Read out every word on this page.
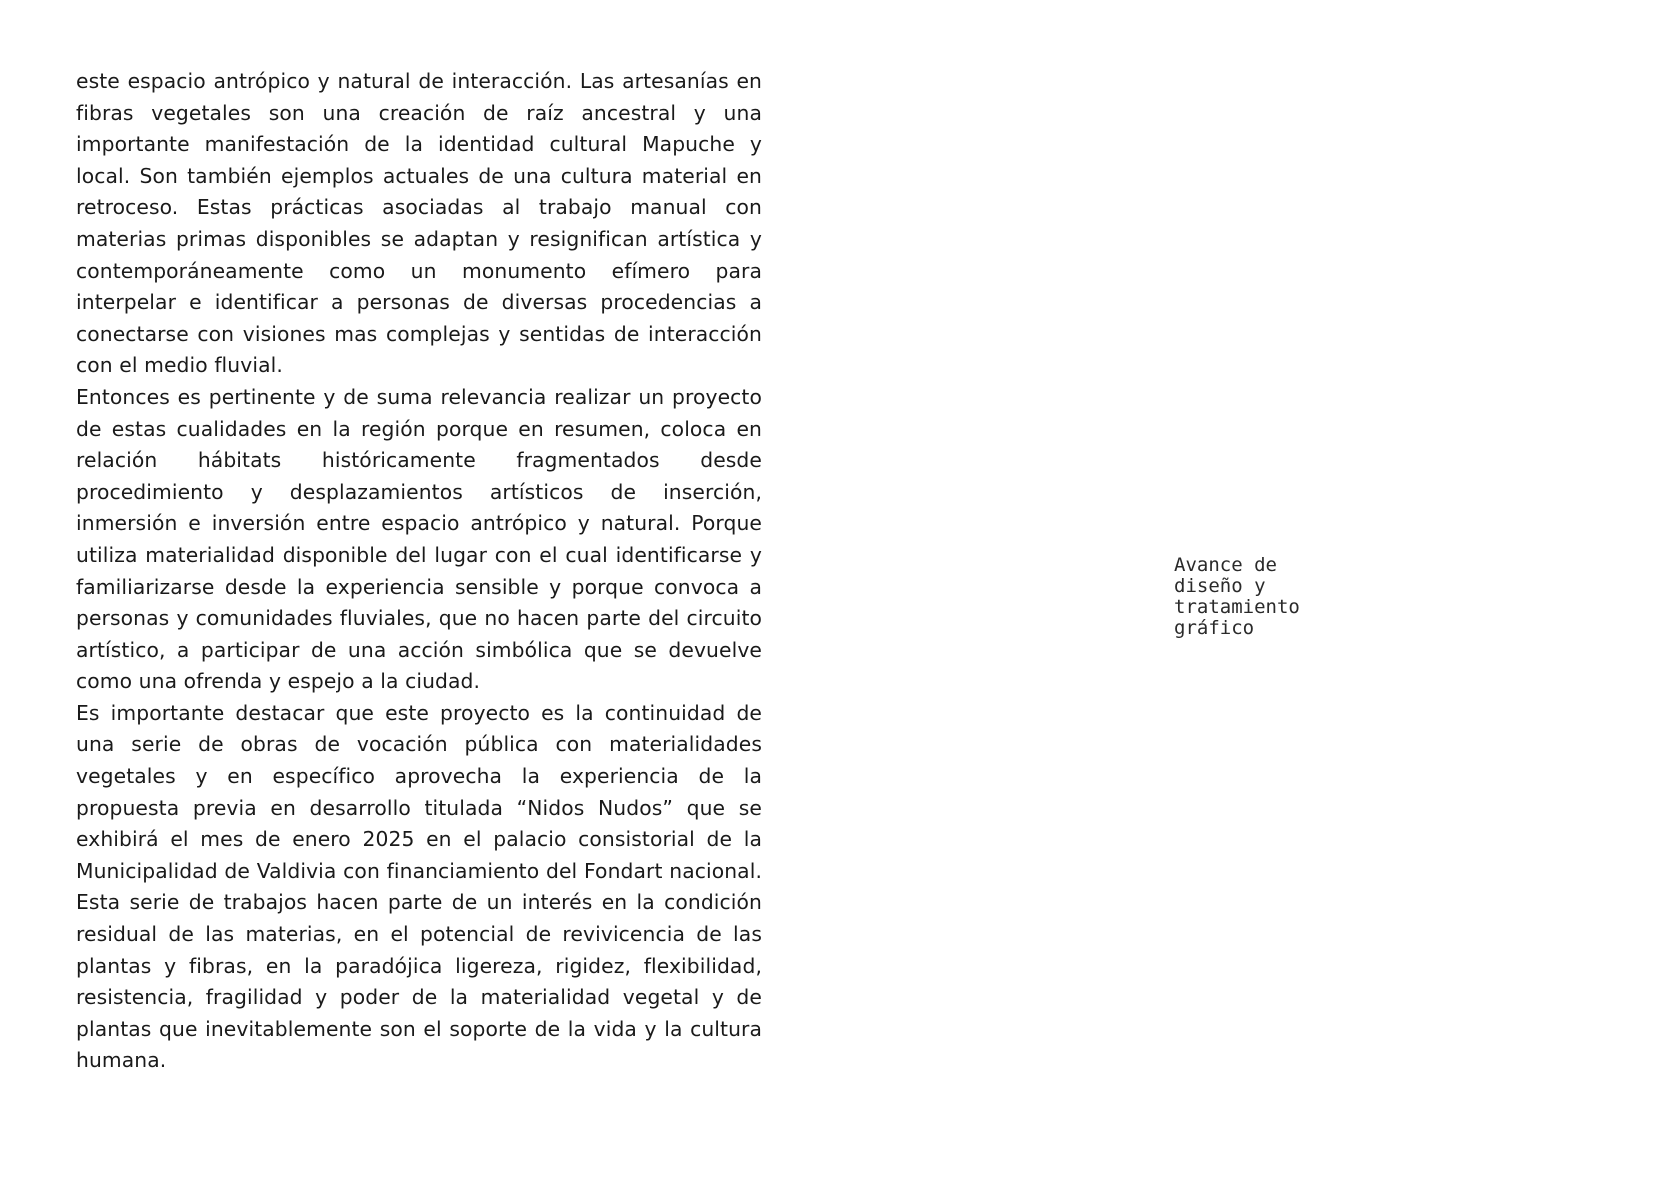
este espacio antrópico y natural de interacción. Las artesanías en fibras vegetales son una creación de raíz ancestral y una importante manifestación de la identidad cultural Mapuche y local. Son también ejemplos actuales de una cultura material en retroceso. Estas prácticas asociadas al trabajo manual con materias primas disponibles se adaptan y resignifican artística y contemporáneamente como un monumento efímero para interpelar e identificar a personas de diversas procedencias a conectarse con visiones mas complejas y sentidas de interacción con el medio fluvial.

Entonces es pertinente y de suma relevancia realizar un proyecto de estas cualidades en la región porque en resumen, coloca en relación hábitats históricamente fragmentados desde procedimiento y desplazamientos artísticos de inserción, inmersión e inversión entre espacio antrópico y natural. Porque utiliza materialidad disponible del lugar con el cual identificarse y familiarizarse desde la experiencia sensible y porque convoca a personas y comunidades fluviales, que no hacen parte del circuito artístico, a participar de una acción simbólica que se devuelve como una ofrenda y espejo a la ciudad.

Es importante destacar que este proyecto es la continuidad de una serie de obras de vocación pública con materialidades vegetales y en específico aprovecha la experiencia de la propuesta previa en desarrollo titulada “Nidos Nudos” que se exhibirá el mes de enero 2025 en el palacio consistorial de la Municipalidad de Valdivia con financiamiento del Fondart nacional. Esta serie de trabajos hacen parte de un interés en la condición residual de las materias, en el potencial de revivicencia de las plantas y fibras, en la paradójica ligereza, rigidez, flexibilidad, resistencia, fragilidad y poder de la materialidad vegetal y de plantas que inevitablemente son el soporte de la vida y la cultura humana.

Avance de
diseño y
tratamiento
gráfico
